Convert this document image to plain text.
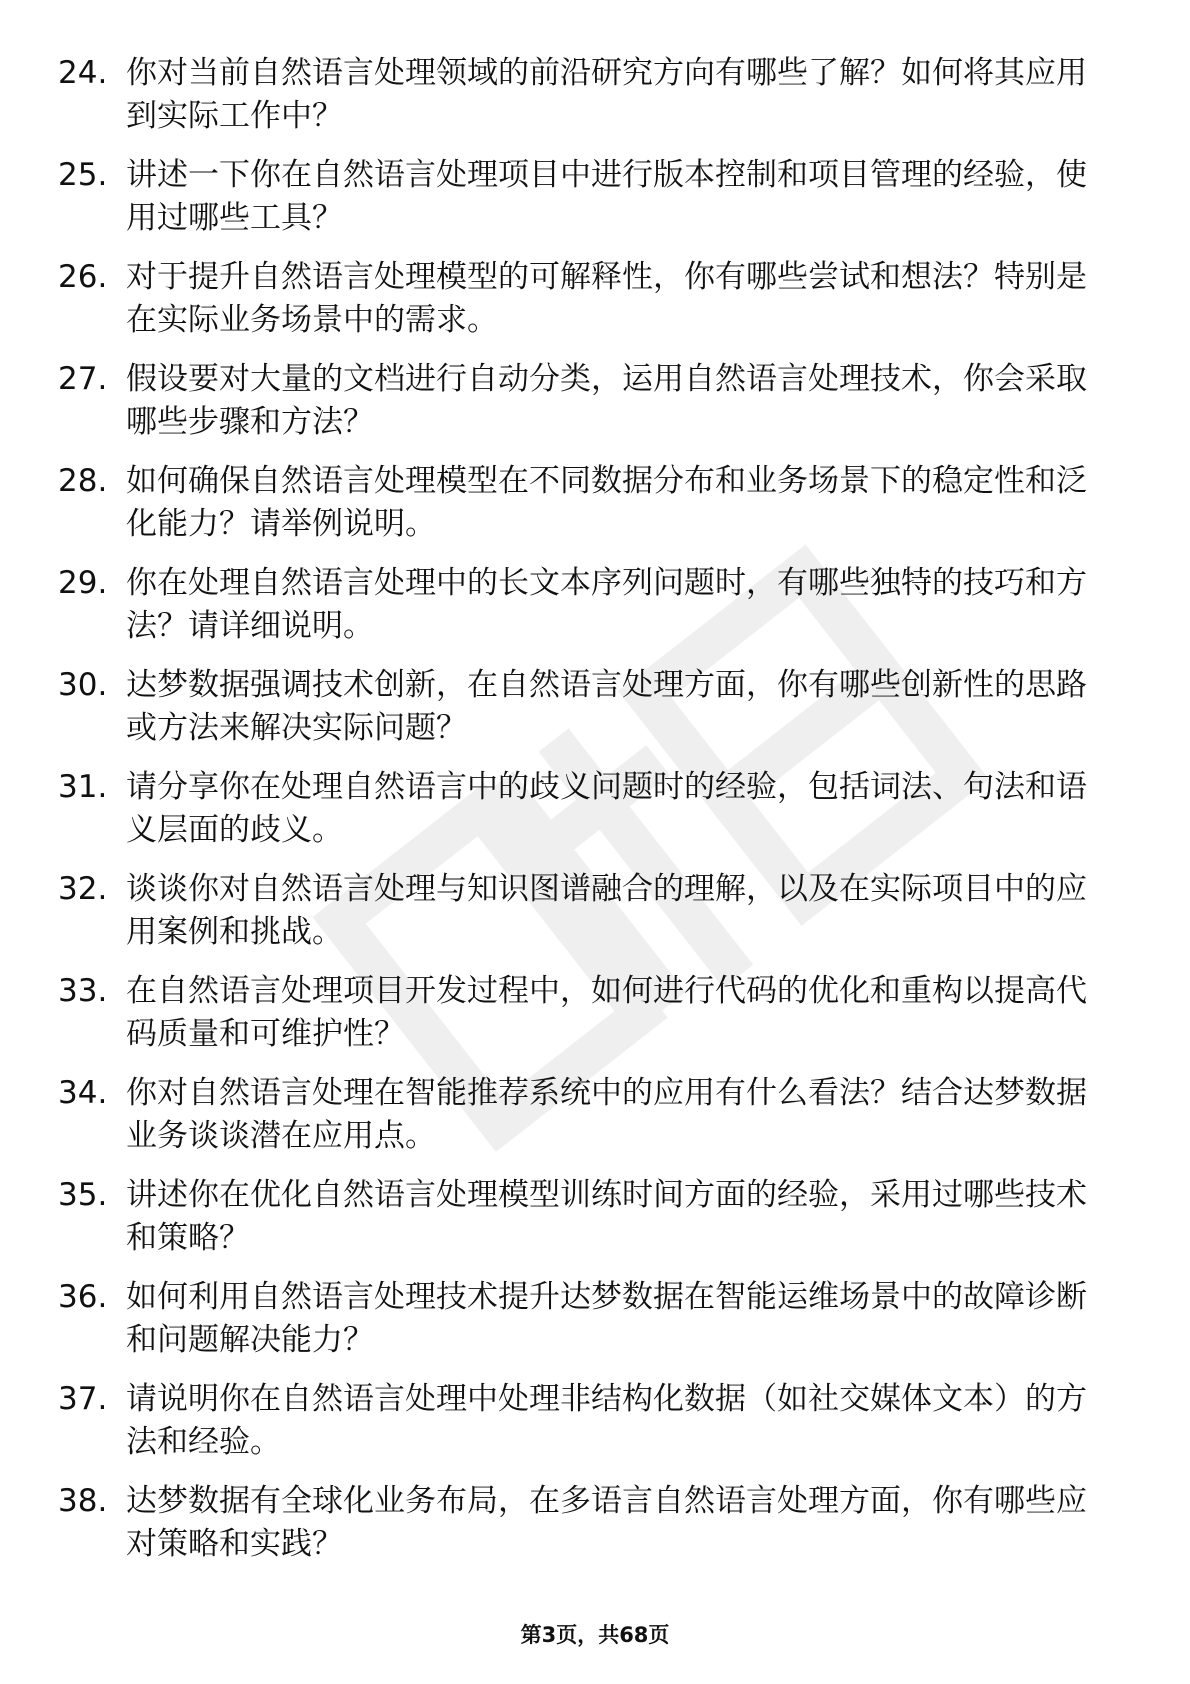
24. 你对当前自然语言处理领域的前沿研究方向有哪些了解？如何将其应用到实际工作中？
25. 讲述一下你在自然语言处理项目中进行版本控制和项目管理的经验，使用过哪些工具？
26. 对于提升自然语言处理模型的可解释性，你有哪些尝试和想法？特别是在实际业务场景中的需求。
27. 假设要对大量的文档进行自动分类，运用自然语言处理技术，你会采取哪些步骤和方法？
28. 如何确保自然语言处理模型在不同数据分布和业务场景下的稳定性和泛化能力？请举例说明。
29. 你在处理自然语言处理中的长文本序列问题时，有哪些独特的技巧和方法？请详细说明。
30. 达梦数据强调技术创新，在自然语言处理方面，你有哪些创新性的思路或方法来解决实际问题？
31. 请分享你在处理自然语言中的歧义问题时的经验，包括词法、句法和语义层面的歧义。
32. 谈谈你对自然语言处理与知识图谱融合的理解，以及在实际项目中的应用案例和挑战。
33. 在自然语言处理项目开发过程中，如何进行代码的优化和重构以提高代码质量和可维护性？
34. 你对自然语言处理在智能推荐系统中的应用有什么看法？结合达梦数据业务谈谈潜在应用点。
35. 讲述你在优化自然语言处理模型训练时间方面的经验，采用过哪些技术和策略？
36. 如何利用自然语言处理技术提升达梦数据在智能运维场景中的故障诊断和问题解决能力？
37. 请说明你在自然语言处理中处理非结构化数据（如社交媒体文本）的方法和经验。
38. 达梦数据有全球化业务布局，在多语言自然语言处理方面，你有哪些应对策略和实践？
第3页，共68页
